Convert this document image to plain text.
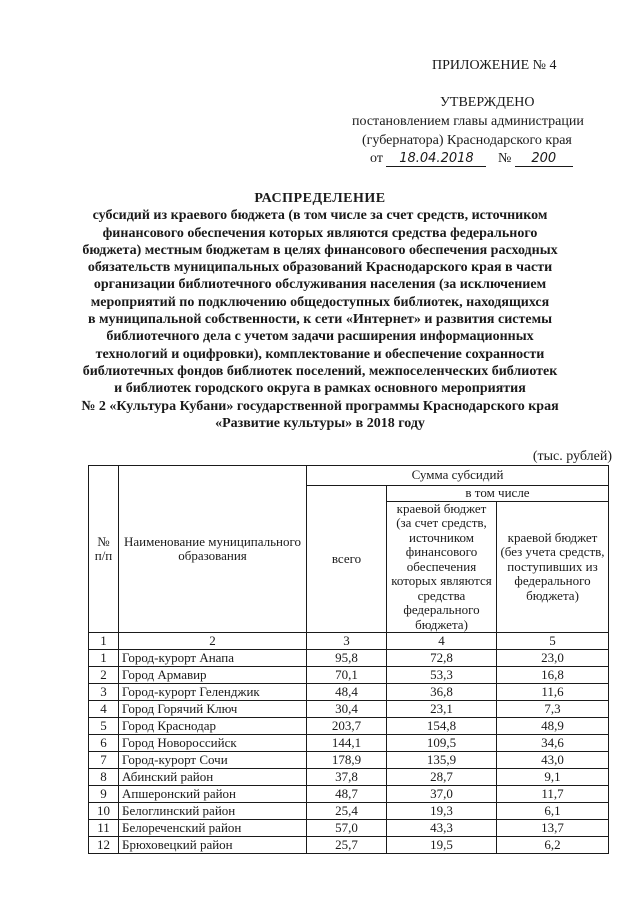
ПРИЛОЖЕНИЕ № 4
УТВЕРЖДЕНО
постановлением главы администрации
(губернатора) Краснодарского края
от 18.04.2018 № 200
РАСПРЕДЕЛЕНИЕ
субсидий из краевого бюджета (в том числе за счет средств, источником
финансового обеспечения которых являются средства федерального
бюджета) местным бюджетам в целях финансового обеспечения расходных
обязательств муниципальных образований Краснодарского края в части
организации библиотечного обслуживания населения (за исключением
мероприятий по подключению общедоступных библиотек, находящихся
в муниципальной собственности, к сети «Интернет» и развития системы
библиотечного дела с учетом задачи расширения информационных
технологий и оцифровки), комплектование и обеспечение сохранности
библиотечных фондов библиотек поселений, межпоселенческих библиотек
и библиотек городского округа в рамках основного мероприятия
№ 2 «Культура Кубани» государственной программы Краснодарского края
«Развитие культуры» в 2018 году
(тыс. рублей)
№ п/п	Наименование муниципального образования	Сумма субсидий		
		всего	в том числе	
			краевой бюджет (за счет средств, источником финансового обеспечения которых являются средства федерального бюджета)	краевой бюджет (без учета средств, поступивших из федерального бюджета)
1	2	3	4	5
1	Город-курорт Анапа	95,8	72,8	23,0
2	Город Армавир	70,1	53,3	16,8
3	Город-курорт Геленджик	48,4	36,8	11,6
4	Город Горячий Ключ	30,4	23,1	7,3
5	Город Краснодар	203,7	154,8	48,9
6	Город Новороссийск	144,1	109,5	34,6
7	Город-курорт Сочи	178,9	135,9	43,0
8	Абинский район	37,8	28,7	9,1
9	Апшеронский район	48,7	37,0	11,7
10	Белоглинский район	25,4	19,3	6,1
11	Белореченский район	57,0	43,3	13,7
12	Брюховецкий район	25,7	19,5	6,2
